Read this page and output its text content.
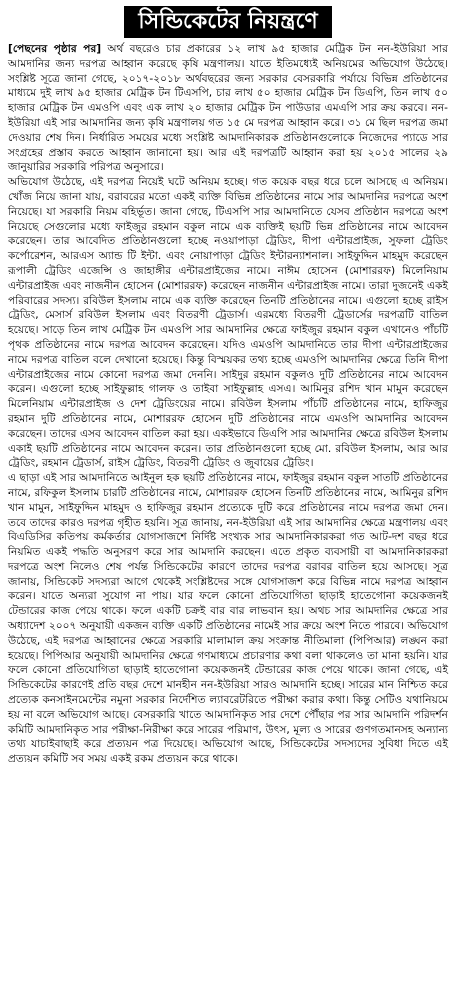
সিন্ডিকেটের নিয়ন্ত্রণে

[পেছনের পৃষ্ঠার পর] অর্থ বছরেও চার প্রকারের ১২ লাখ ৯৫ হাজার মেট্রিক টন নন-ইউরিয়া সার আমদানির জন্য দরপত্র আহ্বান করেছে কৃষি মন্ত্রণালয়। যাতে ইতিমধ্যেই অনিয়মের অভিযোগ উঠেছে। সংশ্লিষ্ট সূত্রে জানা গেছে, ২০১৭-২০১৮ অর্থবছরের জন্য সরকার বেসরকারি পর্যায়ে বিভিন্ন প্রতিষ্ঠানের মাধ্যমে দুই লাখ ৯৫ হাজার মেট্রিক টন টিএসপি, চার লাখ ৫০ হাজার মেট্রিক টন ডিএপি, তিন লাখ ৫০ হাজার মেট্রিক টন এমওপি এবং এক লাখ ২০ হাজার মেট্রিক টন পাউডার এমএপি সার ক্রয় করবে। নন-ইউরিয়া এই সার আমদানির জন্য কৃষি মন্ত্রণালয় গত ১৫ মে দরপত্র আহ্বান করে। ৩১ মে ছিল দরপত্র জমা দেওয়ার শেষ দিন। নির্ধারিত সময়ের মধ্যে সংশ্লিষ্ট আমদানিকারক প্রতিষ্ঠানগুলোকে নিজেদের প্যাডে সার সংগ্রহের প্রস্তাব করতে আহ্বান জানানো হয়। আর এই দরপত্রটি আহ্বান করা হয় ২০১৫ সালের ২৯ জানুয়ারির সরকারি পরিপত্র অনুসারে।

অভিযোগ উঠেছে, এই দরপত্র নিয়েই ঘটে অনিয়ম হচ্ছে। গত কয়েক বছর ধরে চলে আসছে এ অনিয়ম। খোঁজ নিয়ে জানা যায়, বরাবরের মতো একই ব্যক্তি বিভিন্ন প্রতিষ্ঠানের নামে সার আমদানির দরপত্রে অংশ নিয়েছে। যা সরকারি নিয়ম বহির্ভূত। জানা গেছে, টিএসপি সার আমদানিতে যেসব প্রতিষ্ঠান দরপত্রে অংশ নিয়েছে সেগুলোর মধ্যে ফাইজুর রহমান বকুল নামে এক ব্যক্তিই ছয়টি ভিন্ন প্রতিষ্ঠানের নামে আবেদন করেছেন। তার আবেদিত প্রতিষ্ঠানগুলো হচ্ছে নওয়াপাড়া ট্রেডিং, দীপা এন্টারপ্রাইজ, সুফলা ট্রেডিং কর্পোরেশন, আরএস অ্যান্ড টি ইন্টা. এবং নোয়াপাড়া ট্রেডিং ইন্টারন্যাশনাল। সাইফুদ্দিন মাহমুদ করেছেন রূপালী ট্রেডিং এজেন্সি ও জাহাঙ্গীর এন্টারপ্রাইজের নামে। নাঈম হোসেন (মোশাররফ) মিলেনিয়াম এন্টারপ্রাইজ এবং নাজনীন হোসেন (মোশাররফ) করেছেন নাজনীন এন্টারপ্রাইজ নামে। তারা দুজনেই একই পরিবারের সদস্য। রবিউল ইসলাম নামে এক ব্যক্তি করেছেন তিনটি প্রতিষ্ঠানের নামে। এগুলো হচ্ছে রাইস ট্রেডিং, মেসার্স রবিউল ইসলাম এবং বিতরণী ট্রেডার্স। এরমধ্যে বিতরণী ট্রেডার্সের দরপত্রটি বাতিল হয়েছে। সাড়ে তিন লাখ মেট্রিক টন এমওপি সার আমদানির ক্ষেত্রে ফাইজুর রহমান বকুল এখানেও পাঁচটি পৃথক প্রতিষ্ঠানের নামে দরপত্র আবেদন করেছেন। যদিও এমওপি আমদানিতে তার দীপা এন্টারপ্রাইজের নামে দরপত্র বাতিল বলে দেখানো হয়েছে। কিন্তু বিস্ময়কর তথ্য হচ্ছে এমওপি আমদানির ক্ষেত্রে তিনি দীপা এন্টারপ্রাইজের নামে কোনো দরপত্র জমা দেননি। সাইদুর রহমান বকুলও দুটি প্রতিষ্ঠানের নামে আবেদন করেন। এগুলো হচ্ছে সাইফুল্লাহ গালফ ও তাইবা সাইফুল্লাহ এসএ। আমিনুর রশিদ খান মামুন করেছেন মিলেনিয়াম এন্টারপ্রাইজ ও দেশ ট্রেডিংয়ের নামে। রবিউল ইসলাম পাঁচটি প্রতিষ্ঠানের নামে, হাফিজুর রহমান দুটি প্রতিষ্ঠানের নামে, মোশাররফ হোসেন দুটি প্রতিষ্ঠানের নামে এমওপি আমদানির আবেদন করেছেন। তাদের এসব আবেদন বাতিল করা হয়। একইভাবে ডিএপি সার আমদানির ক্ষেত্রে রবিউল ইসলাম একাই ছয়টি প্রতিষ্ঠানের নামে আবেদন করেন। তার প্রতিষ্ঠানগুলো হচ্ছে মো. রবিউল ইসলাম, আর আর ট্রেডিং, রহমান ট্রেডার্স, রাইস ট্রেডিং, বিতরণী ট্রেডিং ও জুবায়ের ট্রেডিং।

এ ছাড়া এই সার আমদানিতে আইনুল হক ছয়টি প্রতিষ্ঠানের নামে, ফাইজুর রহমান বকুল সাতটি প্রতিষ্ঠানের নামে, রফিকুল ইসলাম চারটি প্রতিষ্ঠানের নামে, মোশাররফ হোসেন তিনটি প্রতিষ্ঠানের নামে, আমিনুর রশিদ খান মামুন, সাইফুদ্দিন মাহমুদ ও হাফিজুর রহমান প্রত্যেকে দুটি করে প্রতিষ্ঠানের নামে দরপত্র জমা দেন। তবে তাদের কারও দরপত্র গৃহীত হয়নি। সূত্র জানায়, নন-ইউরিয়া এই সার আমদানির ক্ষেত্রে মন্ত্রণালয় এবং বিএডিসির কতিপয় কর্মকর্তার যোগসাজশে নির্দিষ্ট সংখ্যক সার আমদানিকারকরা গত আট-দশ বছর ধরে নিয়মিত একই পদ্ধতি অনুসরণ করে সার আমদানি করছেন। এতে প্রকৃত ব্যবসায়ী বা আমদানিকারকরা দরপত্রে অংশ নিলেও শেষ পর্যন্ত সিন্ডিকেটের কারণে তাদের দরপত্র বরাবর বাতিল হয়ে আসছে। সূত্র জানায়, সিন্ডিকেট সদস্যরা আগে থেকেই সংশ্লিষ্টদের সঙ্গে যোগসাজশ করে বিভিন্ন নামে দরপত্র আহ্বান করেন। যাতে অন্যরা সুযোগ না পায়। যার ফলে কোনো প্রতিযোগিতা ছাড়াই হাতেগোনা কয়েকজনই টেন্ডারের কাজ পেয়ে থাকে। ফলে একটি চক্রই বার বার লাভবান হয়। অথচ সার আমদানির ক্ষেত্রে সার অধ্যাদেশ ২০০৭ অনুযায়ী একজন ব্যক্তি একটি প্রতিষ্ঠানের নামেই সার ক্রয়ে অংশ নিতে পারবে। অভিযোগ উঠেছে, এই দরপত্র আহ্বানের ক্ষেত্রে সরকারি মালামাল ক্রয় সংক্রান্ত নীতিমালা (পিপিআর) লঙ্ঘন করা হয়েছে। পিপিআর অনুযায়ী আমদানির ক্ষেত্রে গণমাধ্যমে প্রচারণার কথা বলা থাকলেও তা মানা হয়নি। যার ফলে কোনো প্রতিযোগিতা ছাড়াই হাতেগোনা কয়েকজনই টেন্ডারের কাজ পেয়ে থাকে। জানা গেছে, এই সিন্ডিকেটের কারণেই প্রতি বছর দেশে মানহীন নন-ইউরিয়া সারও আমদানি হচ্ছে। সারের মান নিশ্চিত করে প্রত্যেক কনসাইনমেন্টের নমুনা সরকার নির্দেশিত ল্যাবরেটরিতে পরীক্ষা করার কথা। কিন্তু সেটিও যথানিয়মে হয় না বলে অভিযোগ আছে। বেসরকারি খাতে আমদানিকৃত সার দেশে পৌঁছার পর সার আমদানি পরিদর্শন কমিটি আমদানিকৃত সার পরীক্ষা-নিরীক্ষা করে সারের পরিমাণ, উৎস, মূল্য ও সারের গুণগতমানসহ অন্যান্য তথ্য যাচাইবাছাই করে প্রত্যয়ন পত্র দিয়েছে। অভিযোগ আছে, সিন্ডিকেটের সদস্যদের সুবিধা দিতে এই প্রত্যয়ন কমিটি সব সময় একই রকম প্রত্যয়ন করে থাকে।
